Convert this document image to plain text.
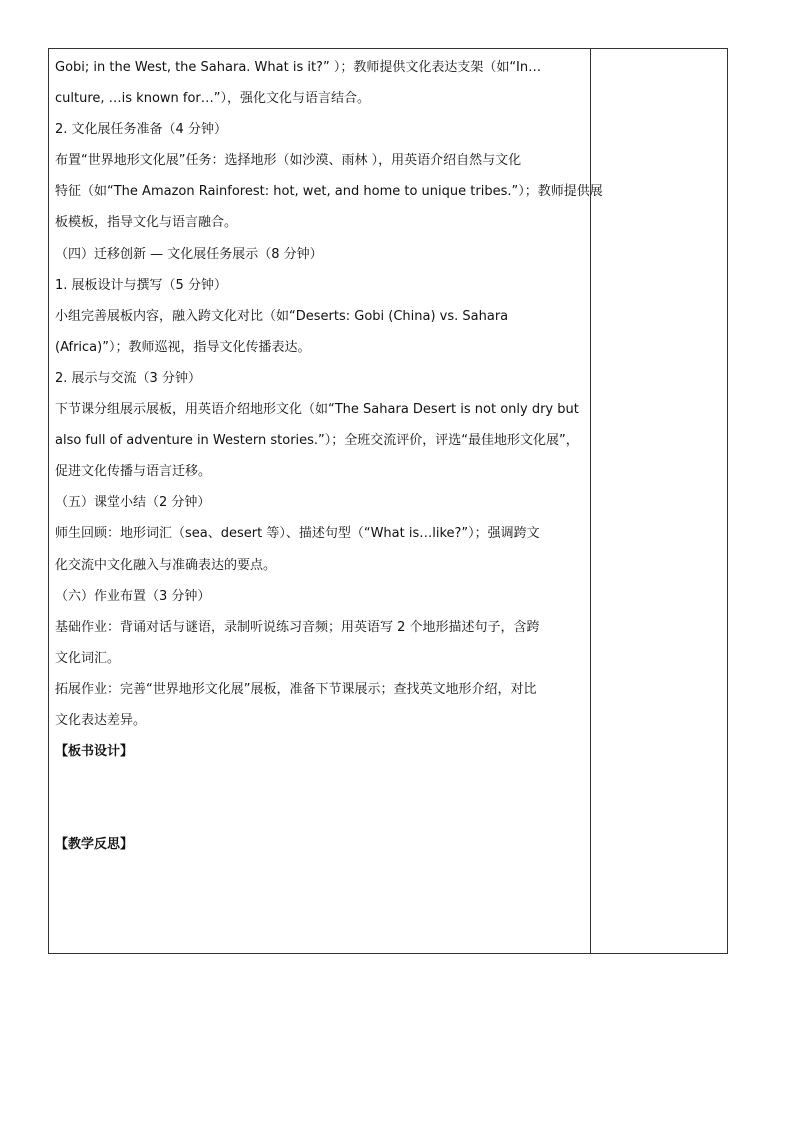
Gobi; in the West, the Sahara. What is it?” ）；教师提供文化表达支架（如“In…
culture, …is known for…”），强化文化与语言结合。
2. 文化展任务准备（4 分钟）
布置“世界地形文化展”任务：选择地形（如沙漠、雨林 ），用英语介绍自然与文化
特征（如“The Amazon Rainforest: hot, wet, and home to unique tribes.”）；教师提供展
板模板，指导文化与语言融合。
（四）迁移创新 — 文化展任务展示（8 分钟）
1. 展板设计与撰写（5 分钟）
小组完善展板内容，融入跨文化对比（如“Deserts: Gobi (China) vs. Sahara
(Africa)”）；教师巡视，指导文化传播表达。
2. 展示与交流（3 分钟）
下节课分组展示展板，用英语介绍地形文化（如“The Sahara Desert is not only dry but
also full of adventure in Western stories.”）；全班交流评价，评选“最佳地形文化展”，
促进文化传播与语言迁移。
（五）课堂小结（2 分钟）
师生回顾：地形词汇（sea、desert 等）、描述句型（“What is…like?”）；强调跨文
化交流中文化融入与准确表达的要点。
（六）作业布置（3 分钟）
基础作业：背诵对话与谜语，录制听说练习音频；用英语写 2 个地形描述句子，含跨
文化词汇。
拓展作业：完善“世界地形文化展”展板，准备下节课展示；查找英文地形介绍，对比
文化表达差异。
【板书设计】
【教学反思】
